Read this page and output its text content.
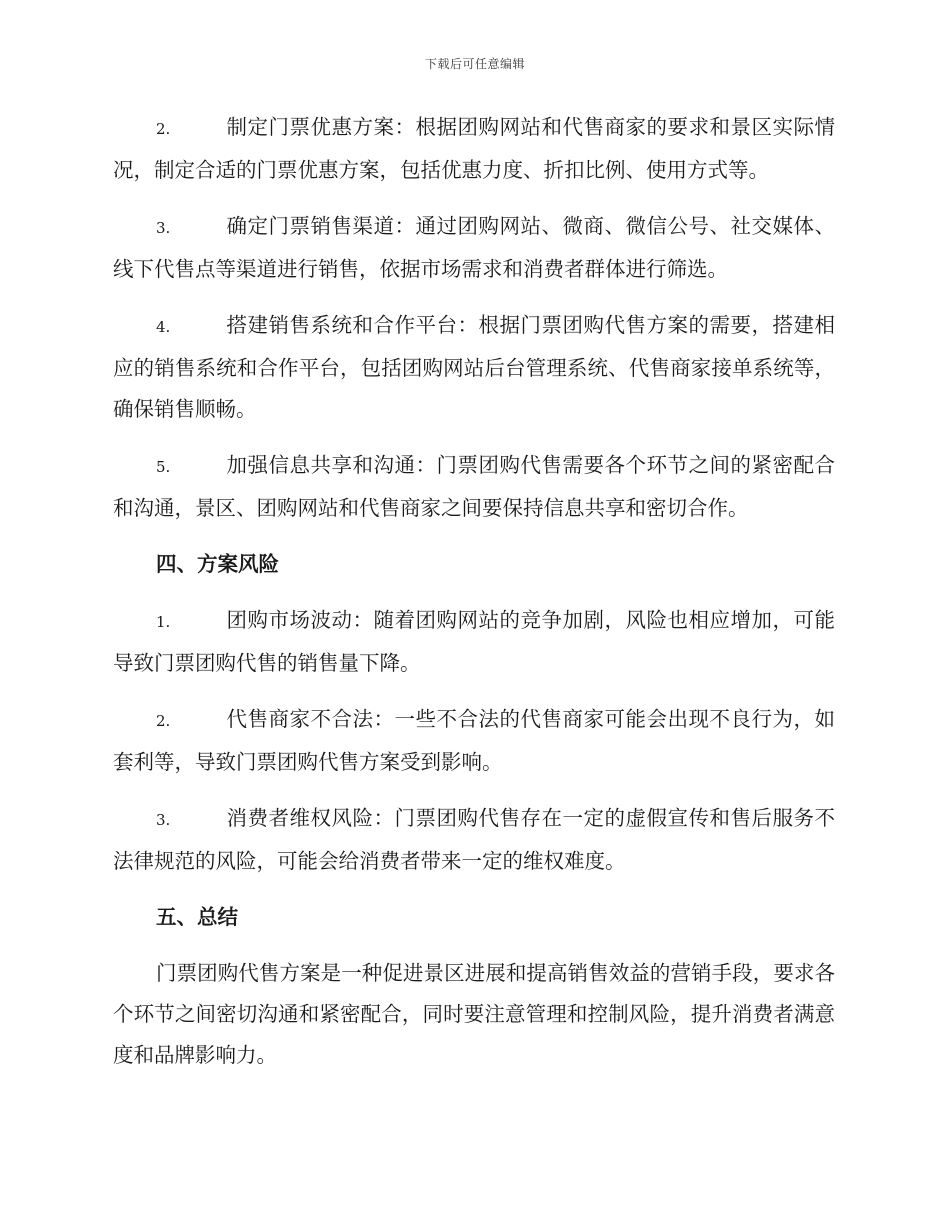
下载后可任意编辑

2.	制定门票优惠方案：根据团购网站和代售商家的要求和景区实际情况，制定合适的门票优惠方案，包括优惠力度、折扣比例、使用方式等。

3.	确定门票销售渠道：通过团购网站、微商、微信公号、社交媒体、线下代售点等渠道进行销售，依据市场需求和消费者群体进行筛选。

4.	搭建销售系统和合作平台：根据门票团购代售方案的需要，搭建相应的销售系统和合作平台，包括团购网站后台管理系统、代售商家接单系统等，确保销售顺畅。

5.	加强信息共享和沟通：门票团购代售需要各个环节之间的紧密配合和沟通，景区、团购网站和代售商家之间要保持信息共享和密切合作。

四、方案风险

1.	团购市场波动：随着团购网站的竞争加剧，风险也相应增加，可能导致门票团购代售的销售量下降。

2.	代售商家不合法：一些不合法的代售商家可能会出现不良行为，如套利等，导致门票团购代售方案受到影响。

3.	消费者维权风险：门票团购代售存在一定的虚假宣传和售后服务不法律规范的风险，可能会给消费者带来一定的维权难度。

五、总结

门票团购代售方案是一种促进景区进展和提高销售效益的营销手段，要求各个环节之间密切沟通和紧密配合，同时要注意管理和控制风险，提升消费者满意度和品牌影响力。
